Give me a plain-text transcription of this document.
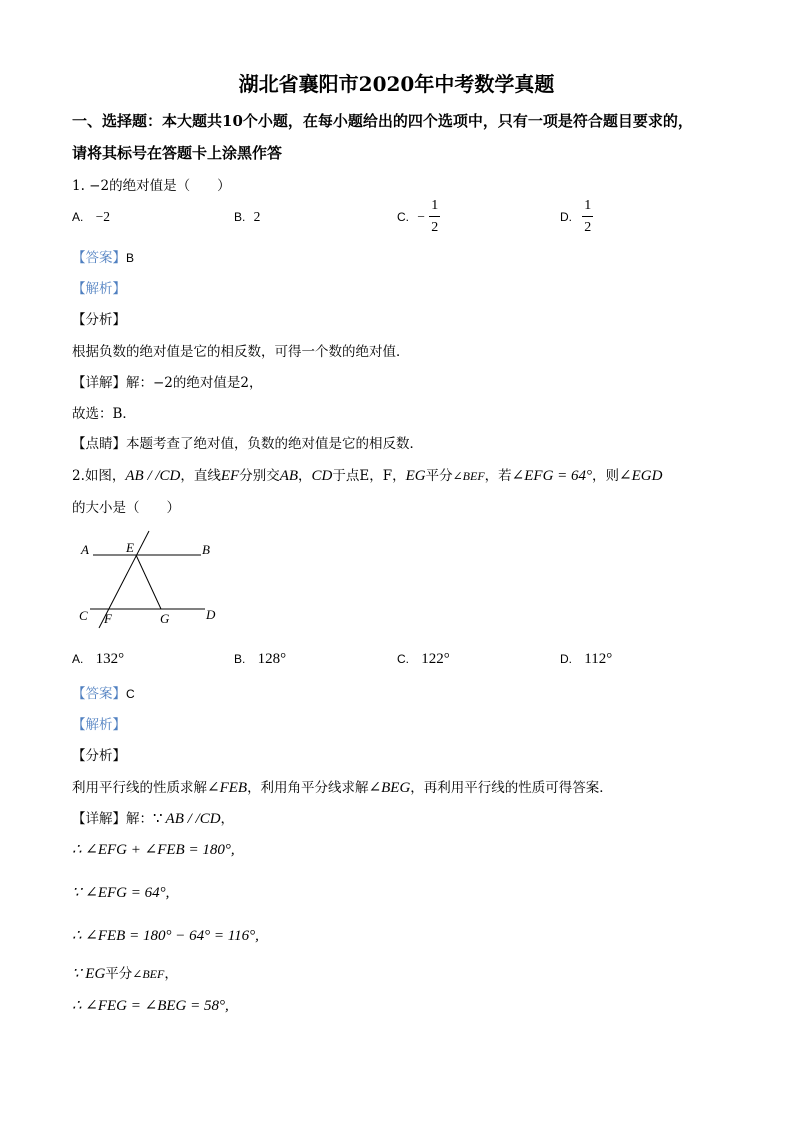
湖北省襄阳市2020年中考数学真题
一、选择题：本大题共10个小题，在每小题给出的四个选项中，只有一项是符合题目要求的，
请将其标号在答题卡上涂黑作答
1. −2的绝对值是（　　）
A. −2	B. 2	C. − $\frac{1}{2}$	D. $\frac{1}{2}$
【答案】B
【解析】
【分析】
根据负数的绝对值是它的相反数，可得一个数的绝对值．
【详解】解：−2的绝对值是2，
故选：B．
【点睛】本题考查了绝对值，负数的绝对值是它的相反数．
2.如图，AB / /CD，直线EF分别交AB，CD于点E，F，EG平分∠BEF，若∠EFG = 64°，则∠EGD
的大小是（　　）
A	E	B
C F	G	D
A. 132°	B. 128°	C. 122°	D. 112°
【答案】C
【解析】
【分析】
利用平行线的性质求解∠FEB，利用角平分线求解∠BEG，再利用平行线的性质可得答案．
【详解】解：∵ AB / /CD，
∴ ∠EFG + ∠FEB = 180°,
∵ ∠EFG = 64°,
∴ ∠FEB = 180° − 64° = 116°,
∵ EG平分∠BEF，
∴ ∠FEG = ∠BEG = 58°,
